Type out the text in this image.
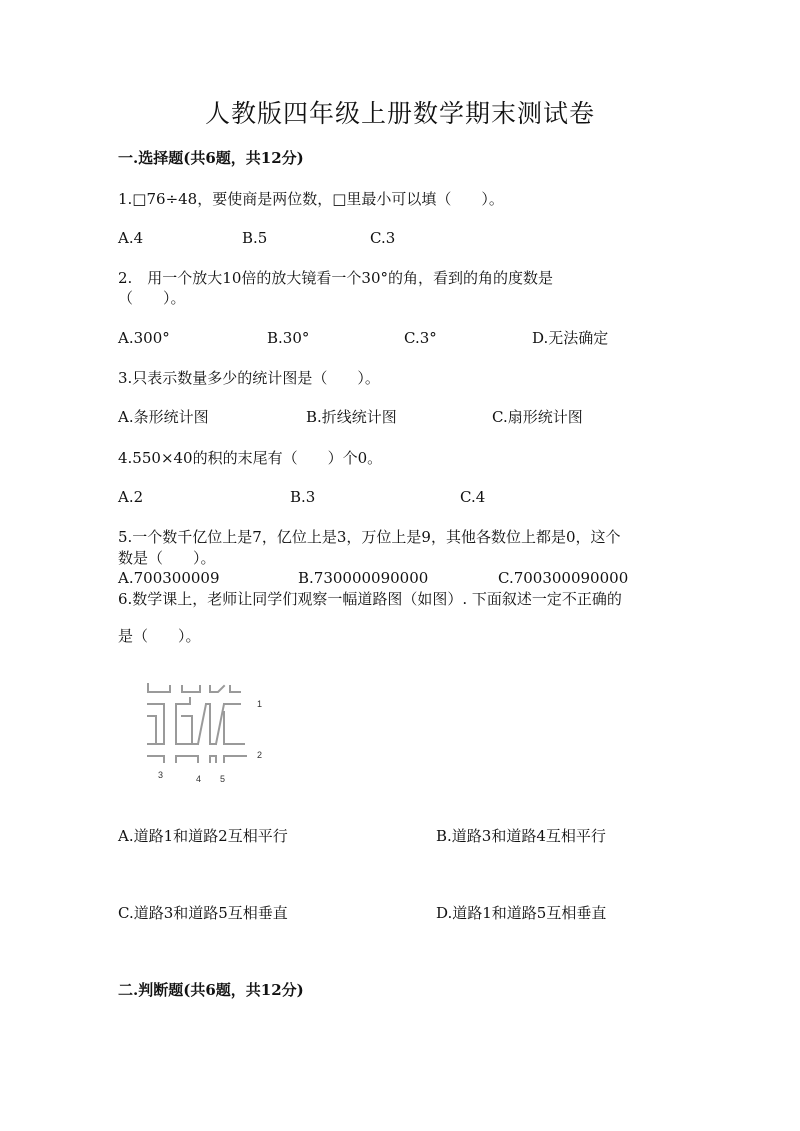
人教版四年级上册数学期末测试卷
一.选择题(共6题，共12分)
1.□76÷48，要使商是两位数，□里最小可以填（　　）。
A.4	B.5	C.3
2.　用一个放大10倍的放大镜看一个30°的角，看到的角的度数是
（　　）。
A.300°	B.30°	C.3°	D.无法确定
3.只表示数量多少的统计图是（　　）。
A.条形统计图	B.折线统计图	C.扇形统计图
4.550×40的积的末尾有（　　）个0。
A.2	B.3	C.4
5.一个数千亿位上是7，亿位上是3，万位上是9，其他各数位上都是0，这个
数是（　　）。
A.700300009	B.730000090000	C.700300090000
6.数学课上，老师让同学们观察一幅道路图（如图）. 下面叙述一定不正确的
是（　　）。
1
2
3	4 5
A.道路1和道路2互相平行	B.道路3和道路4互相平行
C.道路3和道路5互相垂直	D.道路1和道路5互相垂直
二.判断题(共6题，共12分)
